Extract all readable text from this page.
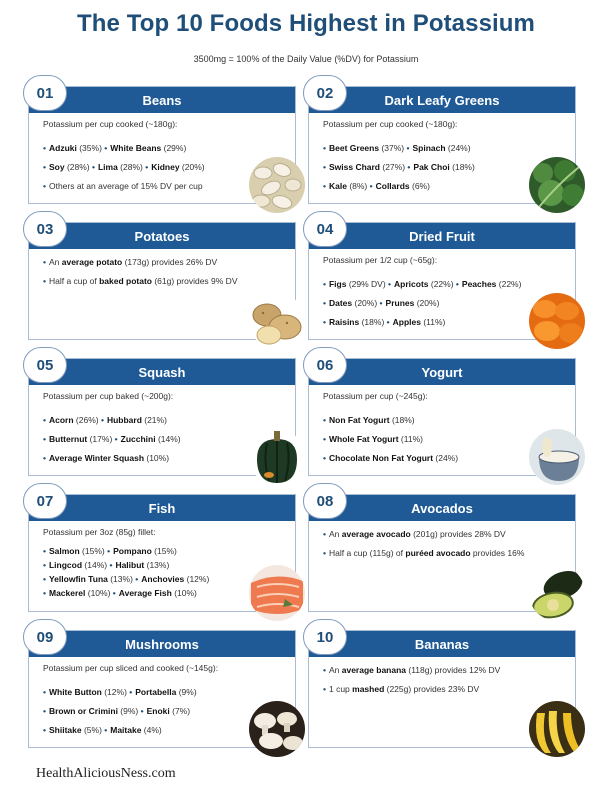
The Top 10 Foods Highest in Potassium
3500mg = 100% of the Daily Value (%DV) for Potassium
Beans
01
Potassium per cup cooked (~180g):
• Adzuki (35%) • White Beans (29%)
• Soy (28%) • Lima (28%) • Kidney (20%)
• Others at an average of 15% DV per cup
Dark Leafy Greens
02
Potassium per cup cooked (~180g):
• Beet Greens (37%) • Spinach (24%)
• Swiss Chard (27%) • Pak Choi (18%)
• Kale (8%) • Collards (6%)
Potatoes
03
• An average potato (173g) provides 26% DV
• Half a cup of baked potato (61g) provides 9% DV
Dried Fruit
04
Potassium per 1/2 cup (~65g):
• Figs (29% DV) • Apricots (22%) • Peaches (22%)
• Dates (20%) • Prunes (20%)
• Raisins (18%) • Apples (11%)
Squash
05
Potassium per cup baked (~200g):
• Acorn (26%) • Hubbard (21%)
• Butternut (17%) • Zucchini (14%)
• Average Winter Squash (10%)
Yogurt
06
Potassium per cup (~245g):
• Non Fat Yogurt (18%)
• Whole Fat Yogurt (11%)
• Chocolate Non Fat Yogurt (24%)
Fish
07
Potassium per 3oz (85g) fillet:
• Salmon (15%) • Pompano (15%)
• Lingcod (14%) • Halibut (13%)
• Yellowfin Tuna (13%) • Anchovies (12%)
• Mackerel (10%) • Average Fish (10%)
Avocados
08
• An average avocado (201g) provides 28% DV
• Half a cup (115g) of puréed avocado provides 16%
Mushrooms
09
Potassium per cup sliced and cooked (~145g):
• White Button (12%) • Portabella (9%)
• Brown or Crimini (9%) • Enoki (7%)
• Shiitake (5%) • Maitake (4%)
Bananas
10
• An average banana (118g) provides 12% DV
• 1 cup mashed (225g) provides 23% DV
HealthAliciousNess.com
